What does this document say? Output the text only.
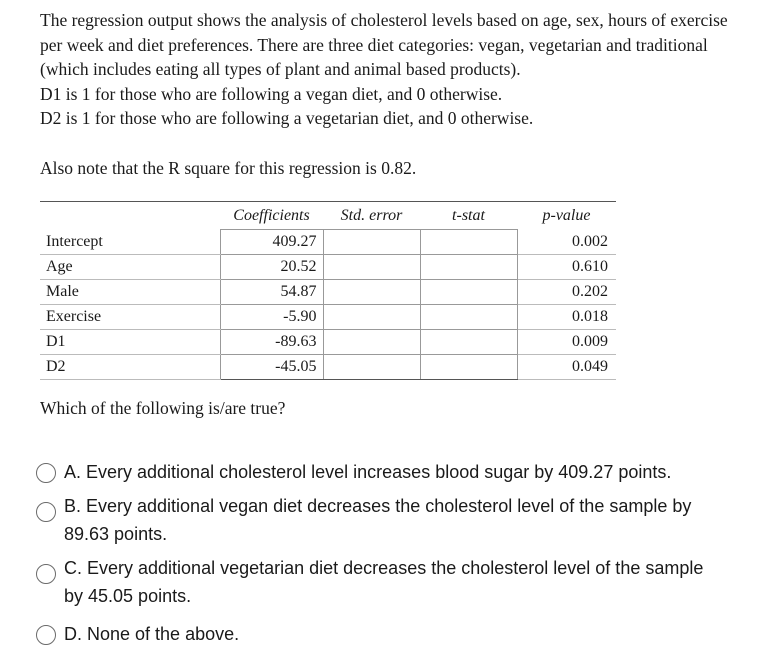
The regression output shows the analysis of cholesterol levels based on age, sex, hours of exercise per week and diet preferences. There are three diet categories: vegan, vegetarian and traditional (which includes eating all types of plant and animal based products).

D1 is 1 for those who are following a vegan diet, and 0 otherwise.

D2 is 1 for those who are following a vegetarian diet, and 0 otherwise.

Also note that the R square for this regression is 0.82.
	Coefficients	Std. error	t-stat	p-value
Intercept	409.27			0.002
Age	20.52			0.610
Male	54.87			0.202
Exercise	-5.90			0.018
D1	-89.63			0.009
D2	-45.05			0.049
Which of the following is/are true?
A. Every additional cholesterol level increases blood sugar by 409.27 points.
B. Every additional vegan diet decreases the cholesterol level of the sample by
89.63 points.
C. Every additional vegetarian diet decreases the cholesterol level of the sample
by 45.05 points.
D. None of the above.
